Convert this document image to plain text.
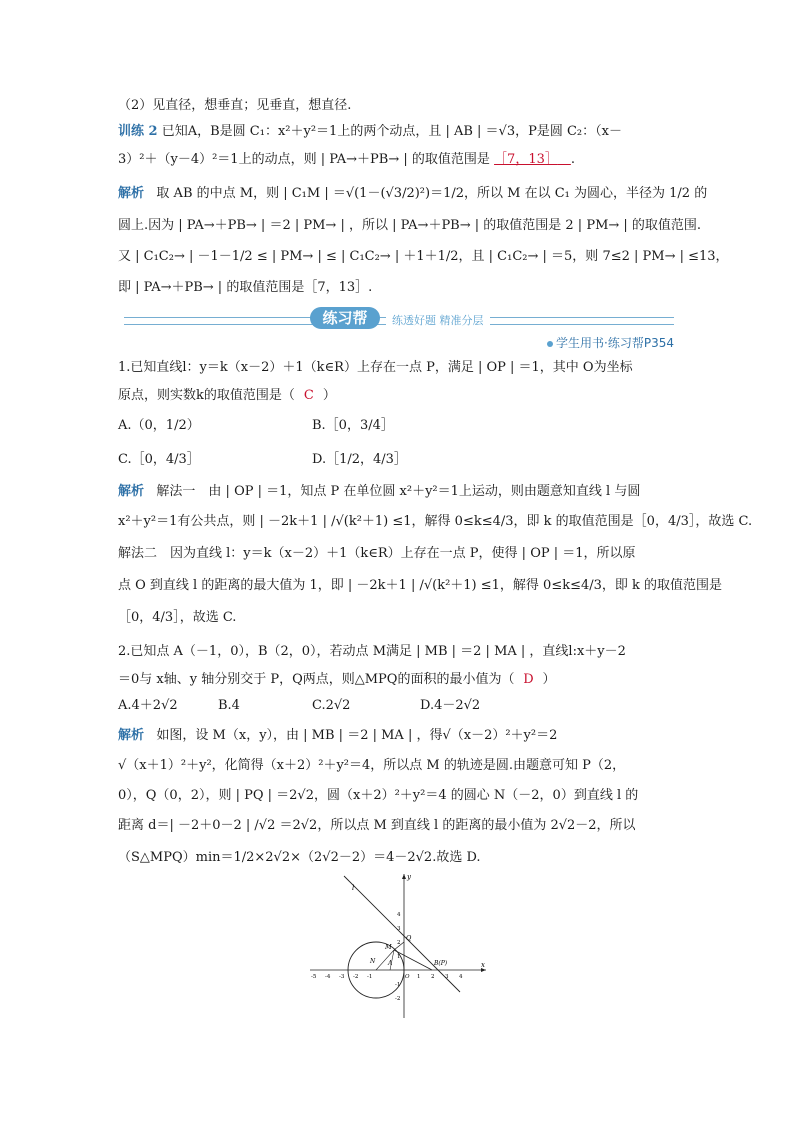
（2）见直径，想垂直；见垂直，想直径.
训练 2 已知A，B是圆 C₁：x²＋y²＝1上的两个动点，且 | AB | ＝√3，P是圆 C₂：（x－
3）²＋（y－4）²＝1上的动点，则 | PA→＋PB→ | 的取值范围是 ［7，13］ .
解析 取 AB 的中点 M，则 | C₁M | ＝√(1－(√3/2)²)＝1/2，所以 M 在以 C₁ 为圆心，半径为 1/2 的
圆上.因为 | PA→＋PB→ | ＝2 | PM→ | ，所以 | PA→＋PB→ | 的取值范围是 2 | PM→ | 的取值范围.
又 | C₁C₂→ | －1－1/2 ≤ | PM→ | ≤ | C₁C₂→ | ＋1＋1/2，且 | C₁C₂→ | ＝5，则 7≤2 | PM→ | ≤13，
即 | PA→＋PB→ | 的取值范围是［7，13］.
练习帮	练透好题 精准分层
学生用书·练习帮P354
1.已知直线l：y＝k（x－2）＋1（k∈R）上存在一点 P，满足 | OP | ＝1，其中 O为坐标
原点，则实数k的取值范围是（ C ）
A.（0，1/2）	B.［0，3/4］
C.［0，4/3］	D.［1/2，4/3］
解析 解法一　由 | OP | ＝1，知点 P 在单位圆 x²＋y²＝1上运动，则由题意知直线 l 与圆
x²＋y²＝1有公共点，则 | －2k＋1 | /√(k²＋1) ≤1，解得 0≤k≤4/3，即 k 的取值范围是［0，4/3］，故选 C.
解法二　因为直线 l：y＝k（x－2）＋1（k∈R）上存在一点 P，使得 | OP | ＝1，所以原
点 O 到直线 l 的距离的最大值为 1，即 | －2k＋1 | /√(k²＋1) ≤1，解得 0≤k≤4/3，即 k 的取值范围是
［0，4/3］，故选 C.
2.已知点 A（－1，0），B（2，0），若动点 M满足 | MB | ＝2 | MA | ，直线l:x＋y－2
＝0与 x轴、y 轴分别交于 P，Q两点，则△MPQ的面积的最小值为（ D ）
A.4＋2√2	B.4	C.2√2	D.4－2√2
解析 如图，设 M（x，y），由 | MB | ＝2 | MA | ，得√（x－2）²＋y²＝2
√（x＋1）²＋y²，化简得（x＋2）²＋y²＝4，所以点 M 的轨迹是圆.由题意可知 P（2，
0），Q（0，2），则 | PQ | ＝2√2，圆（x＋2）²＋y²＝4 的圆心 N（－2，0）到直线 l 的
距离 d＝| －2＋0－2 | /√2 ＝2√2，所以点 M 到直线 l 的距离的最小值为 2√2－2，所以
（S△MPQ）min＝1/2×2√2×（2√2－2）＝4－2√2.故选 D.
l
y
x
Q
M
N A	B(P)
-5 -4 -3 -2 -1	O 1 2 3 4
4
3
2
1
-1
-2
